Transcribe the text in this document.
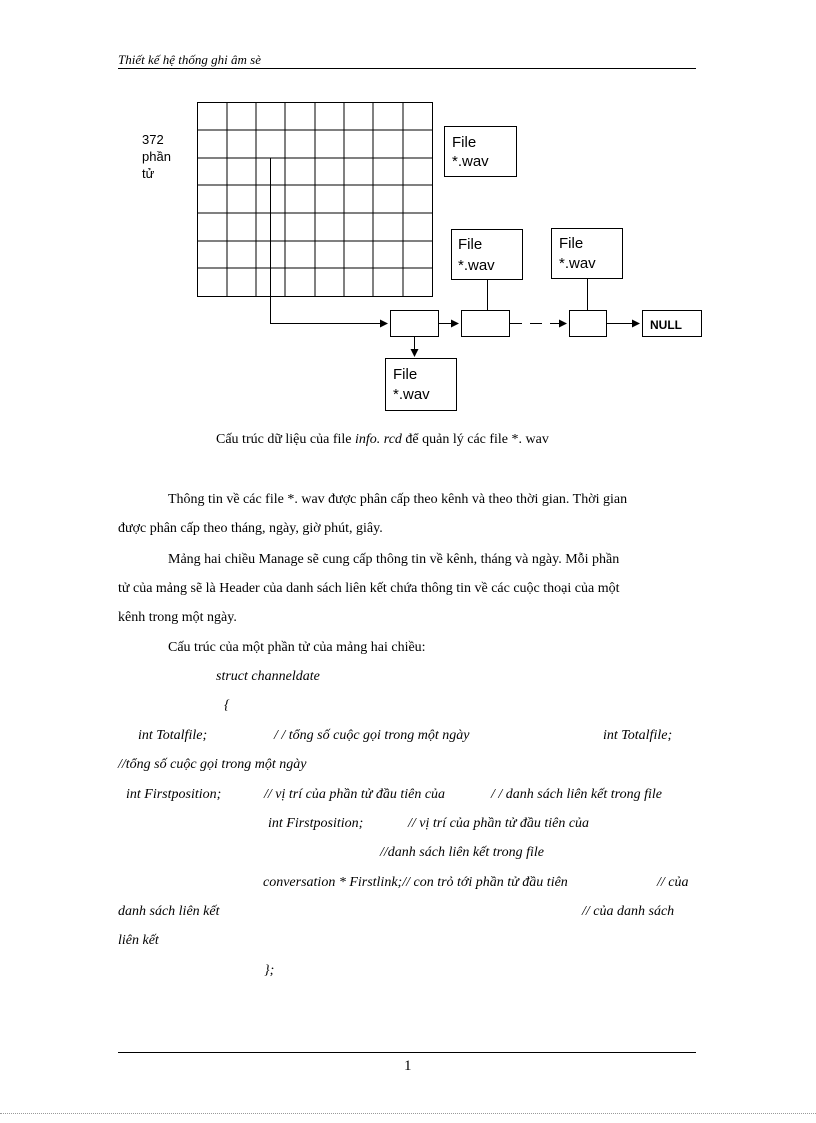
Thiết kế hệ thống ghi âm sè
372 phần tử
NULL
File
*.wav
File
*.wav
File
*.wav
File
*.wav
Cấu trúc dữ liệu của file info. rcd để quản lý các file *. wav
Thông tin về các file *. wav được phân cấp theo kênh và theo thời gian. Thời gian
được phân cấp theo tháng, ngày, giờ phút, giây.
Mảng hai chiều Manage sẽ cung cấp thông tin về kênh, tháng và ngày. Mỗi phần
tử của mảng sẽ là Header của danh sách liên kết chứa thông tin về các cuộc thoại của một
kênh trong một ngày.
Cấu trúc của một phần tử của mảng hai chiều:
struct channeldate
{
int Totalfile;	/ / tổng số cuộc gọi trong một ngày	int Totalfile;
//tổng số cuộc gọi trong một ngày
int Firstposition;	// vị trí của phần tử đầu tiên của	/ / danh sách liên kết trong file
int Firstposition;	// vị trí của phần tử đầu tiên của
//danh sách liên kết trong file
conversation * Firstlink;// con trỏ tới phần tử đầu tiên	// của
danh sách liên kết	// của danh sách
liên kết
};
1
